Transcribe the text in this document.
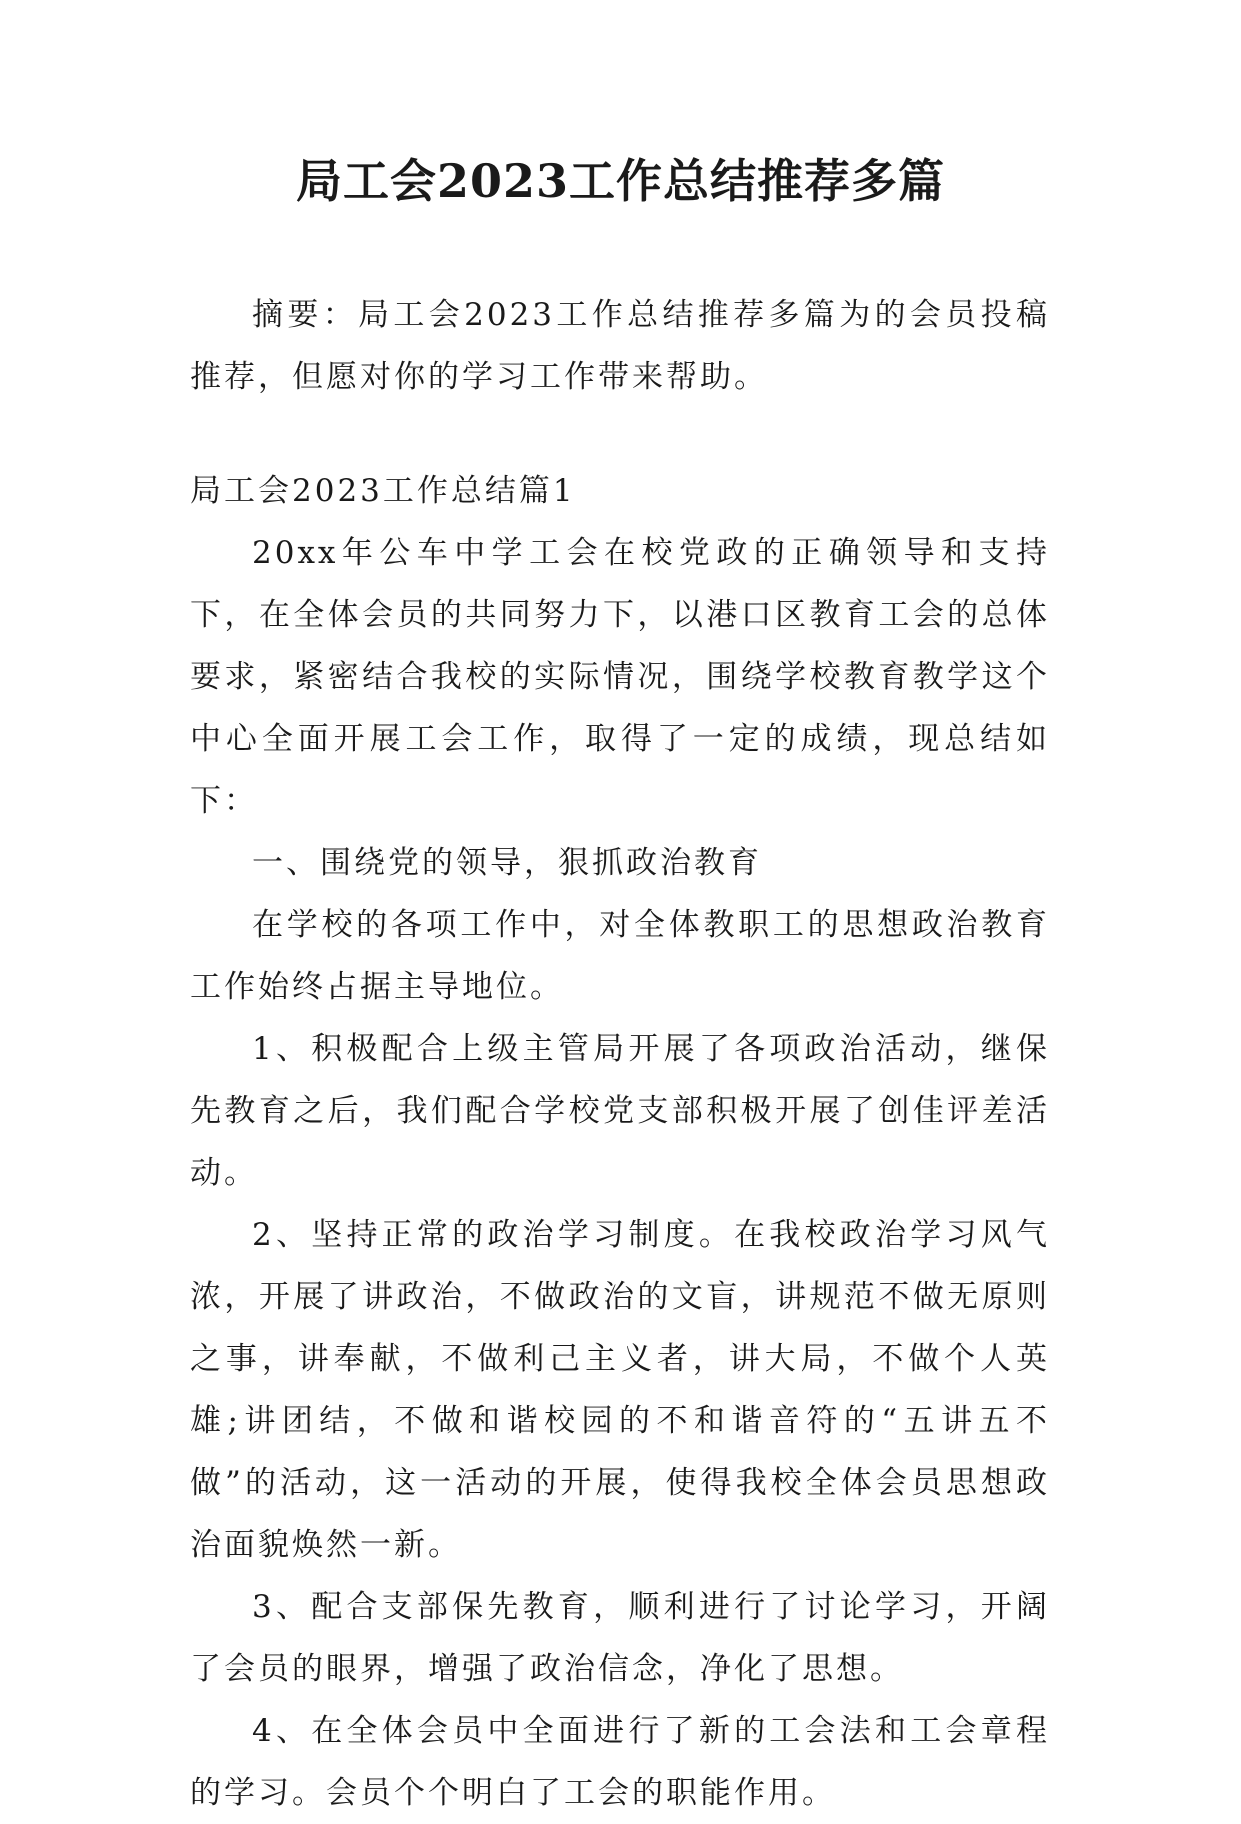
局工会2023工作总结推荐多篇

摘要：局工会2023工作总结推荐多篇为的会员投稿推荐，但愿对你的学习工作带来帮助。

局工会2023工作总结篇1

20xx年公车中学工会在校党政的正确领导和支持下，在全体会员的共同努力下，以港口区教育工会的总体要求，紧密结合我校的实际情况，围绕学校教育教学这个中心全面开展工会工作，取得了一定的成绩，现总结如下：

一、围绕党的领导，狠抓政治教育

在学校的各项工作中，对全体教职工的思想政治教育工作始终占据主导地位。

1、积极配合上级主管局开展了各项政治活动，继保先教育之后，我们配合学校党支部积极开展了创佳评差活动。

2、坚持正常的政治学习制度。在我校政治学习风气浓，开展了讲政治，不做政治的文盲，讲规范不做无原则之事，讲奉献，不做利己主义者，讲大局，不做个人英雄;讲团结，不做和谐校园的不和谐音符的“五讲五不做”的活动，这一活动的开展，使得我校全体会员思想政治面貌焕然一新。

3、配合支部保先教育，顺利进行了讨论学习，开阔了会员的眼界，增强了政治信念，净化了思想。

4、在全体会员中全面进行了新的工会法和工会章程的学习。会员个个明白了工会的职能作用。
